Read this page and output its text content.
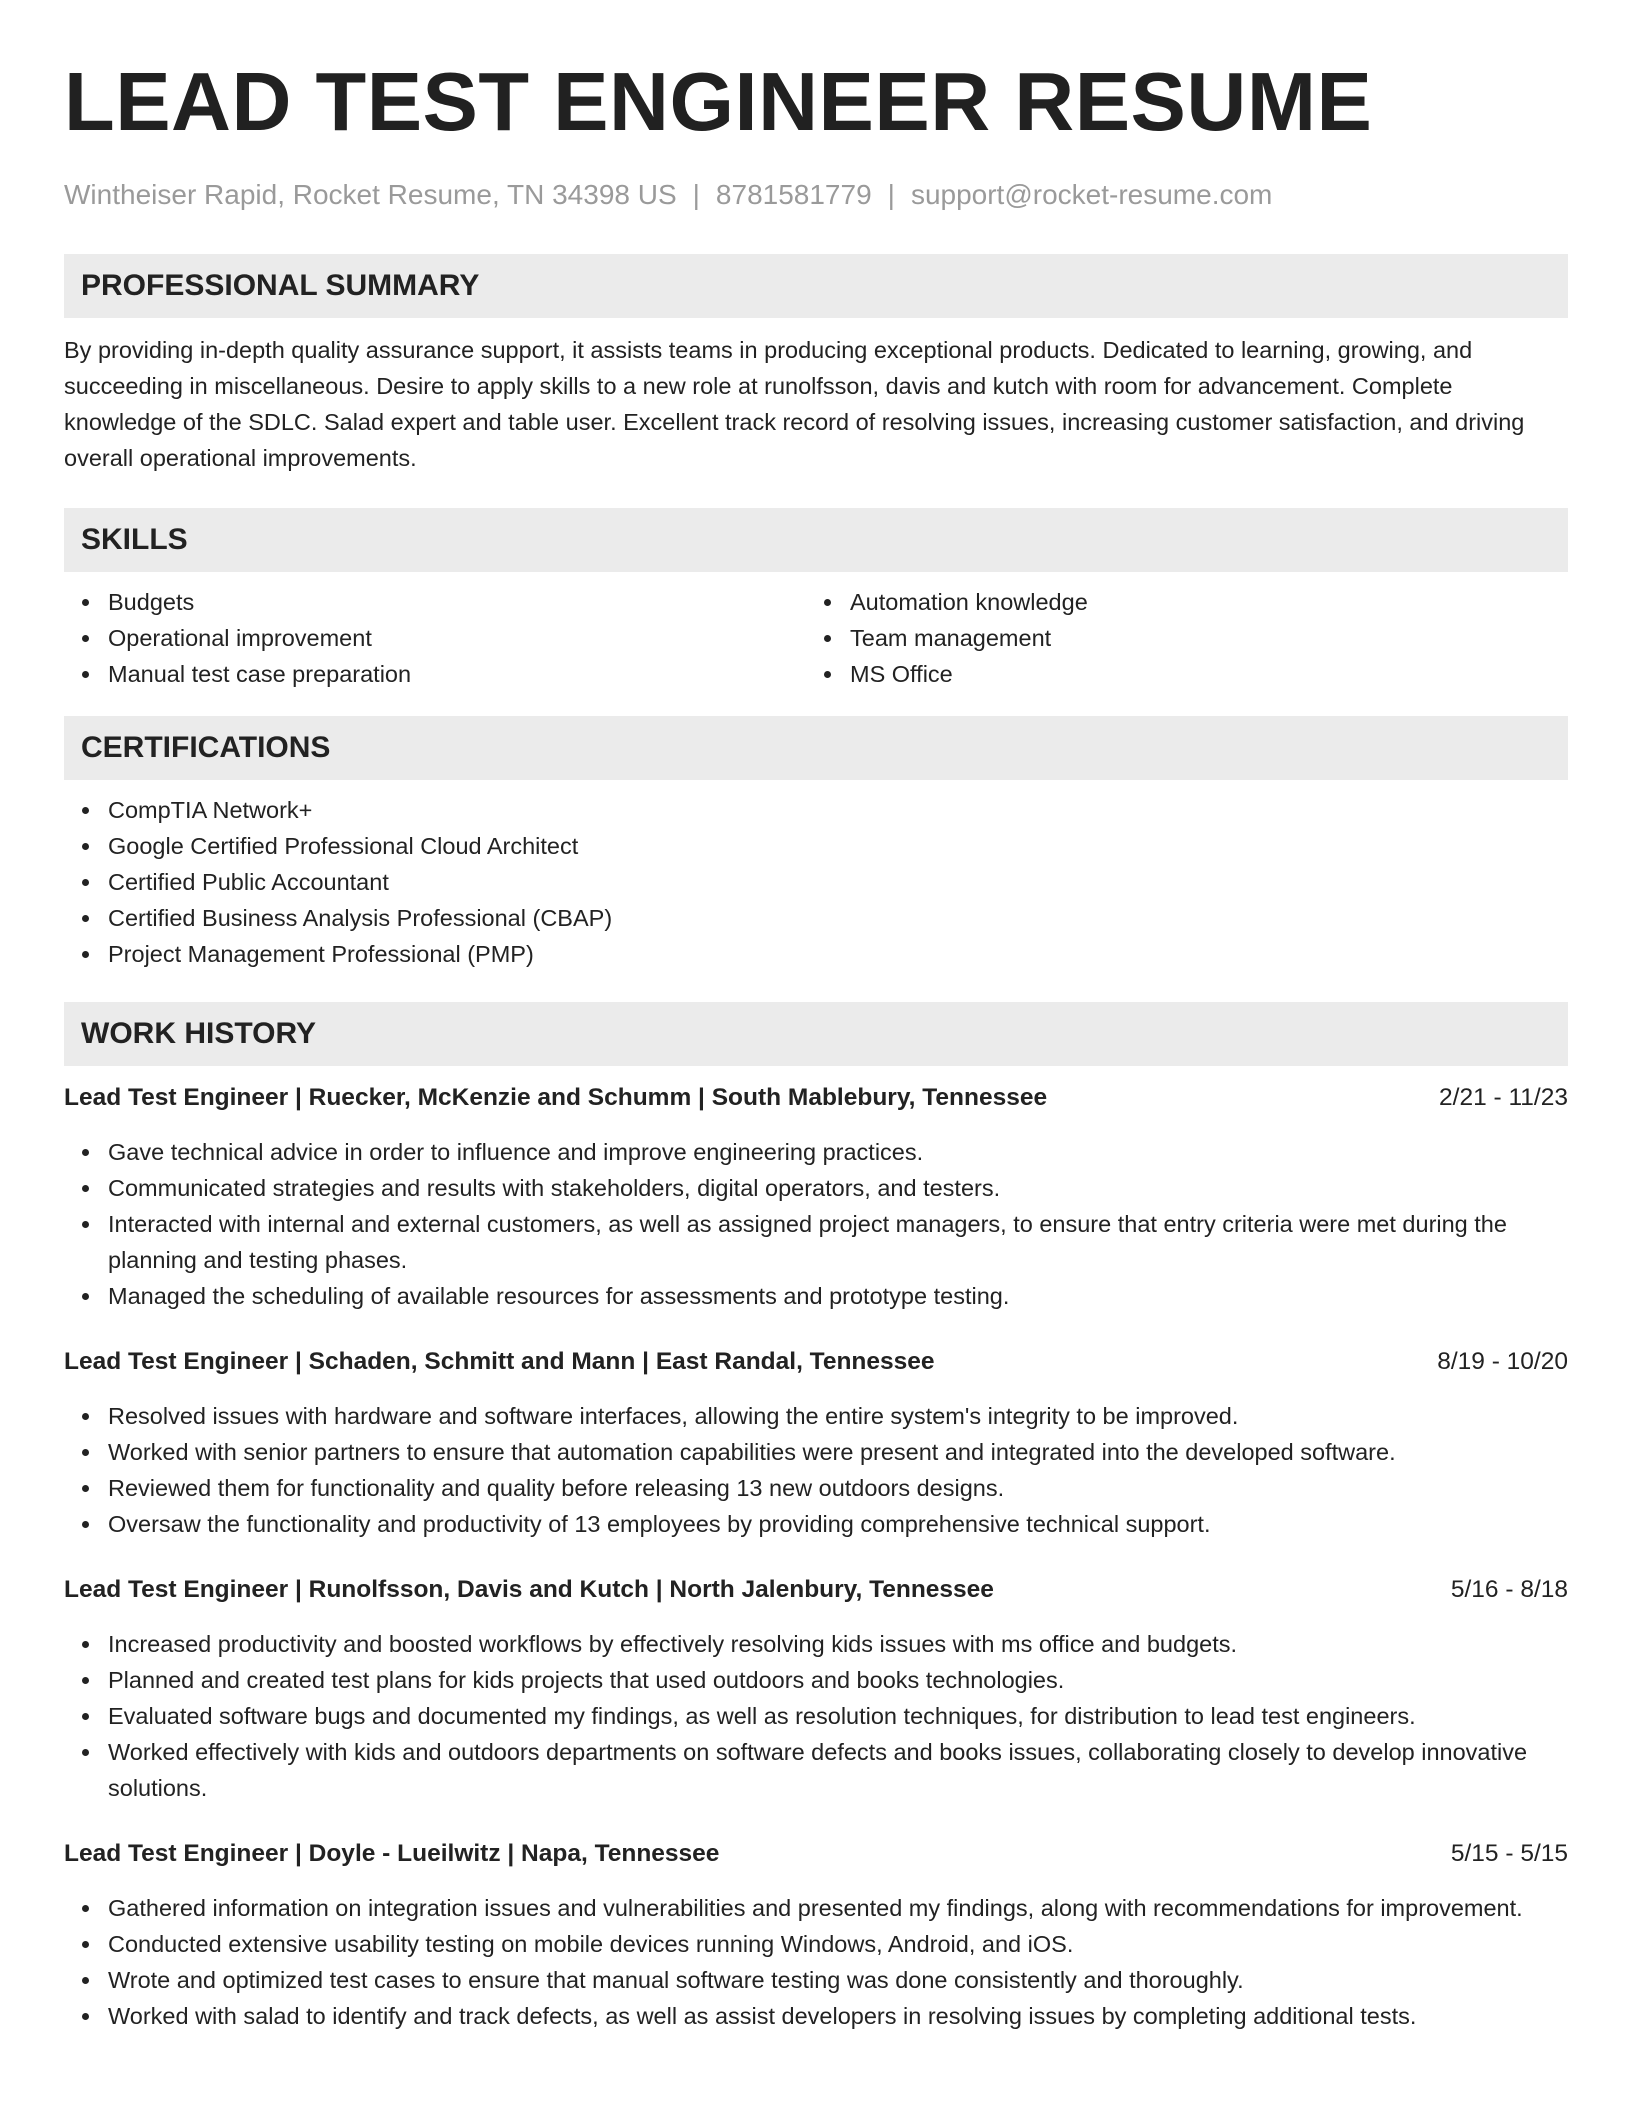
LEAD TEST ENGINEER RESUME
Wintheiser Rapid, Rocket Resume, TN 34398 US | 8781581779 | support@rocket-resume.com
PROFESSIONAL SUMMARY

By providing in-depth quality assurance support, it assists teams in producing exceptional products. Dedicated to learning, growing, and succeeding in miscellaneous. Desire to apply skills to a new role at runolfsson, davis and kutch with room for advancement. Complete knowledge of the SDLC. Salad expert and table user. Excellent track record of resolving issues, increasing customer satisfaction, and driving overall operational improvements.

SKILLS
Budgets
Operational improvement
Manual test case preparation
Automation knowledge
Team management
MS Office
CERTIFICATIONS
CompTIA Network+
Google Certified Professional Cloud Architect
Certified Public Accountant
Certified Business Analysis Professional (CBAP)
Project Management Professional (PMP)
WORK HISTORY
Lead Test Engineer | Ruecker, McKenzie and Schumm | South Mablebury, Tennessee	2/21 - 11/23
Gave technical advice in order to influence and improve engineering practices.
Communicated strategies and results with stakeholders, digital operators, and testers.
Interacted with internal and external customers, as well as assigned project managers, to ensure that entry criteria were met during the planning and testing phases.
Managed the scheduling of available resources for assessments and prototype testing.
Lead Test Engineer | Schaden, Schmitt and Mann | East Randal, Tennessee	8/19 - 10/20
Resolved issues with hardware and software interfaces, allowing the entire system's integrity to be improved.
Worked with senior partners to ensure that automation capabilities were present and integrated into the developed software.
Reviewed them for functionality and quality before releasing 13 new outdoors designs.
Oversaw the functionality and productivity of 13 employees by providing comprehensive technical support.
Lead Test Engineer | Runolfsson, Davis and Kutch | North Jalenbury, Tennessee	5/16 - 8/18
Increased productivity and boosted workflows by effectively resolving kids issues with ms office and budgets.
Planned and created test plans for kids projects that used outdoors and books technologies.
Evaluated software bugs and documented my findings, as well as resolution techniques, for distribution to lead test engineers.
Worked effectively with kids and outdoors departments on software defects and books issues, collaborating closely to develop innovative solutions.
Lead Test Engineer | Doyle - Lueilwitz | Napa, Tennessee	5/15 - 5/15
Gathered information on integration issues and vulnerabilities and presented my findings, along with recommendations for improvement.
Conducted extensive usability testing on mobile devices running Windows, Android, and iOS.
Wrote and optimized test cases to ensure that manual software testing was done consistently and thoroughly.
Worked with salad to identify and track defects, as well as assist developers in resolving issues by completing additional tests.
